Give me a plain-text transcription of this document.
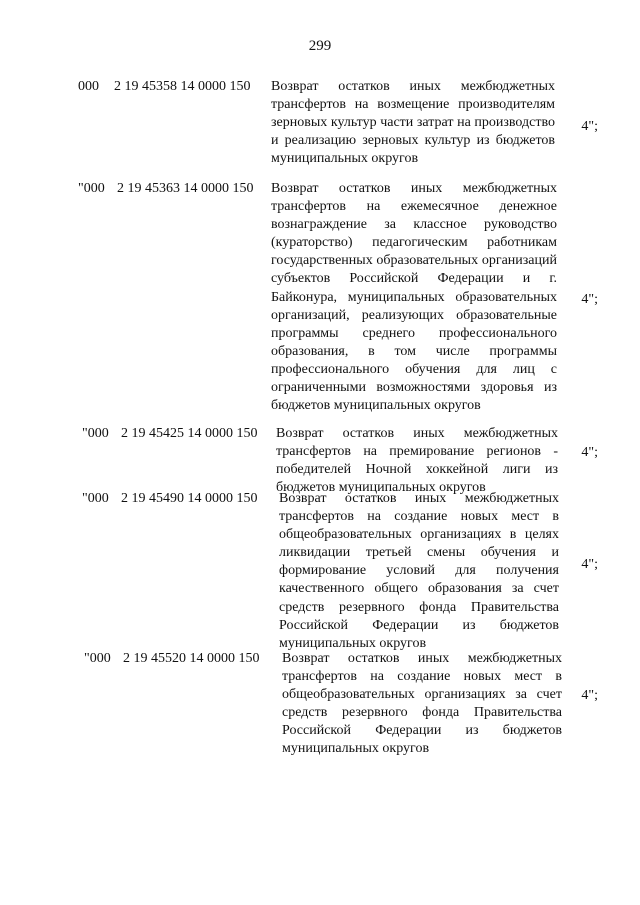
299
000 2 19 45358 14 0000 150 Возврат остатков иных межбюджетных трансфертов на возмещение производителям зерновых культур части затрат на производство и реализацию зерновых культур из бюджетов муниципальных округов
4";
"000 2 19 45363 14 0000 150 Возврат остатков иных межбюджетных трансфертов на ежемесячное денежное вознаграждение за классное руководство (кураторство) педагогическим работникам государственных образовательных организаций субъектов Российской Федерации и г. Байконура, муниципальных образовательных организаций, реализующих образовательные программы среднего профессионального образования, в том числе программы профессионального обучения для лиц с ограниченными возможностями здоровья из бюджетов муниципальных округов
4";
"000 2 19 45425 14 0000 150 Возврат остатков иных межбюджетных трансфертов на премирование регионов - победителей Ночной хоккейной лиги из бюджетов муниципальных округов
4";
"000 2 19 45490 14 0000 150 Возврат остатков иных межбюджетных трансфертов на создание новых мест в общеобразовательных организациях в целях ликвидации третьей смены обучения и формирование условий для получения качественного общего образования за счет средств резервного фонда Правительства Российской Федерации из бюджетов муниципальных округов
4";
"000 2 19 45520 14 0000 150 Возврат остатков иных межбюджетных трансфертов на создание новых мест в общеобразовательных организациях за счет средств резервного фонда Правительства Российской Федерации из бюджетов муниципальных округов
4";
